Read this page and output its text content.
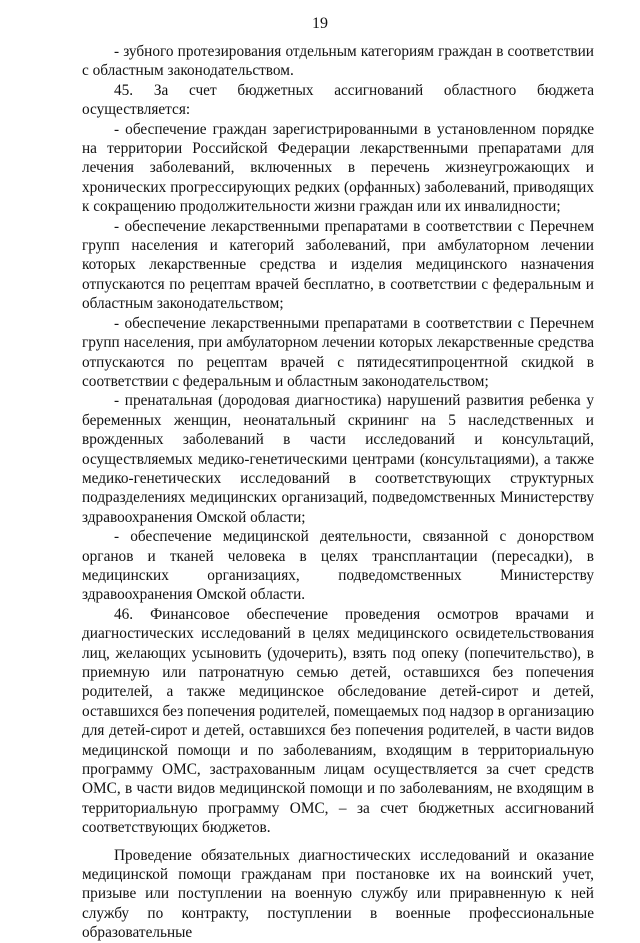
19

- зубного протезирования отдельным категориям граждан в соответствии с областным законодательством.

45. За счет бюджетных ассигнований областного бюджета осуществляется:

- обеспечение граждан зарегистрированными в установленном порядке на территории Российской Федерации лекарственными препаратами для лечения заболеваний, включенных в перечень жизнеугрожающих и хронических прогрессирующих редких (орфанных) заболеваний, приводящих к сокращению продолжительности жизни граждан или их инвалидности;

- обеспечение лекарственными препаратами в соответствии с Перечнем групп населения и категорий заболеваний, при амбулаторном лечении которых лекарственные средства и изделия медицинского назначения отпускаются по рецептам врачей бесплатно, в соответствии с федеральным и областным законодательством;

- обеспечение лекарственными препаратами в соответствии с Перечнем групп населения, при амбулаторном лечении которых лекарственные средства отпускаются по рецептам врачей с пятидесятипроцентной скидкой в соответствии с федеральным и областным законодательством;

- пренатальная (дородовая диагностика) нарушений развития ребенка у беременных женщин, неонатальный скрининг на 5 наследственных и врожденных заболеваний в части исследований и консультаций, осуществляемых медико-генетическими центрами (консультациями), а также медико-генетических исследований в соответствующих структурных подразделениях медицинских организаций, подведомственных Министерству здравоохранения Омской области;

- обеспечение медицинской деятельности, связанной с донорством органов и тканей человека в целях трансплантации (пересадки), в медицинских организациях, подведомственных Министерству здравоохранения Омской области.

46. Финансовое обеспечение проведения осмотров врачами и диагностических исследований в целях медицинского освидетельствования лиц, желающих усыновить (удочерить), взять под опеку (попечительство), в приемную или патронатную семью детей, оставшихся без попечения родителей, а также медицинское обследование детей-сирот и детей, оставшихся без попечения родителей, помещаемых под надзор в организацию для детей-сирот и детей, оставшихся без попечения родителей, в части видов медицинской помощи и по заболеваниям, входящим в территориальную программу ОМС, застрахованным лицам осуществляется за счет средств ОМС, в части видов медицинской помощи и по заболеваниям, не входящим в территориальную программу ОМС, – за счет бюджетных ассигнований соответствующих бюджетов.

Проведение обязательных диагностических исследований и оказание медицинской помощи гражданам при постановке их на воинский учет, призыве или поступлении на военную службу или приравненную к ней службу по контракту, поступлении в военные профессиональные образовательные
